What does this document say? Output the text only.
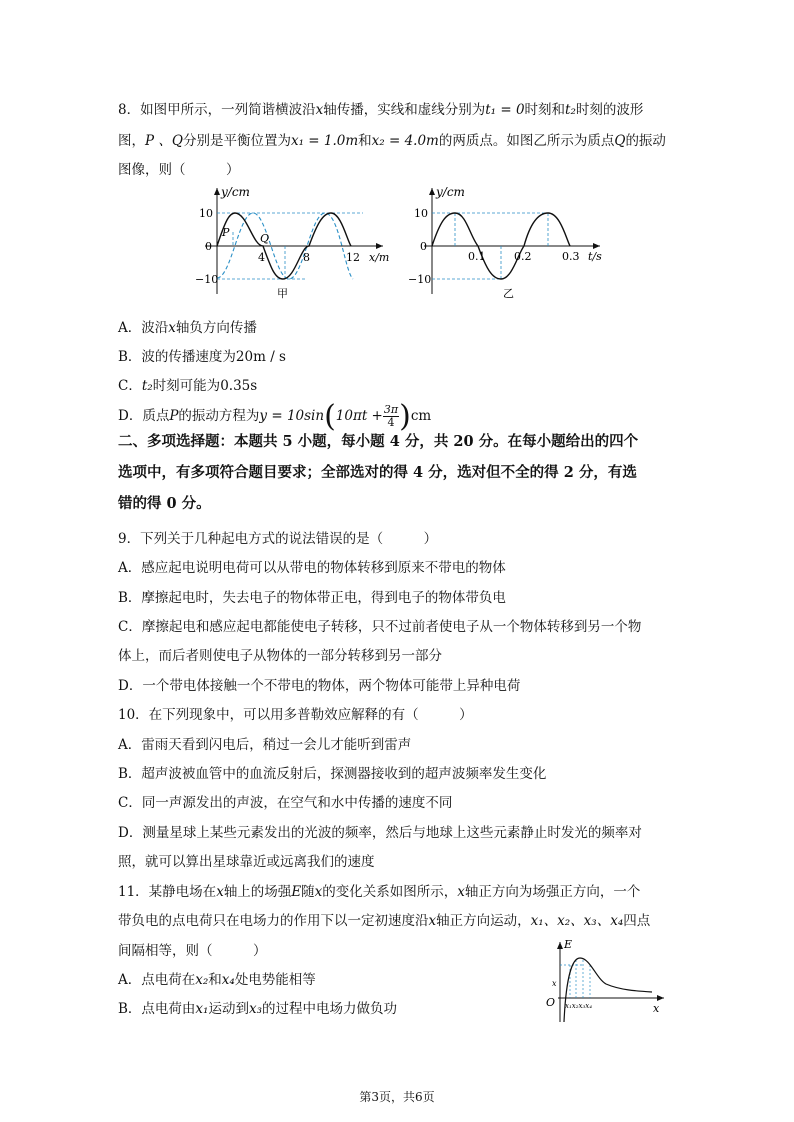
8．如图甲所示，一列简谐横波沿x轴传播，实线和虚线分别为t₁ = 0时刻和t₂时刻的波形
图，P 、Q分别是平衡位置为x₁ = 1.0m和x₂ = 4.0m的两质点。如图乙所示为质点Q的振动
图像，则（　　　）
y/cm
10
0
−10
4	8	12 x/m
P	Q
甲
y/cm
10
0
−10
0.1	0.2	0.3 t/s
乙
A．波沿x轴负方向传播
B．波的传播速度为20m / s
C．t₂时刻可能为0.35s
D．质点P的振动方程为$y = 10\sin(10\pi t + \frac{3\pi}{4} )cm$
二、多项选择题：本题共 5 小题，每小题 4 分，共 20 分。在每小题给出的四个
选项中，有多项符合题目要求；全部选对的得 4 分，选对但不全的得 2 分，有选
错的得 0 分。
9．下列关于几种起电方式的说法错误的是（　　　）
A．感应起电说明电荷可以从带电的物体转移到原来不带电的物体
B．摩擦起电时，失去电子的物体带正电，得到电子的物体带负电
C．摩擦起电和感应起电都能使电子转移，只不过前者使电子从一个物体转移到另一个物
体上，而后者则使电子从物体的一部分转移到另一部分
D．一个带电体接触一个不带电的物体，两个物体可能带上异种电荷
10．在下列现象中，可以用多普勒效应解释的有（　　　）
A．雷雨天看到闪电后，稍过一会儿才能听到雷声
B．超声波被血管中的血流反射后，探测器接收到的超声波频率发生变化
C．同一声源发出的声波，在空气和水中传播的速度不同
D．测量星球上某些元素发出的光波的频率，然后与地球上这些元素静止时发光的频率对
照，就可以算出星球靠近或远离我们的速度
11．某静电场在x轴上的场强E随x的变化关系如图所示，x轴正方向为场强正方向，一个
带负电的点电荷只在电场力的作用下以一定初速度沿x轴正方向运动，x₁、x₂、x₃、x₄四点
间隔相等，则（　　　）
A．点电荷在x₂和x₄处电势能相等
B．点电荷由x₁运动到x₃的过程中电场力做负功
E
x
O
x
x₁x₂x₃x₄
第3页，共6页
